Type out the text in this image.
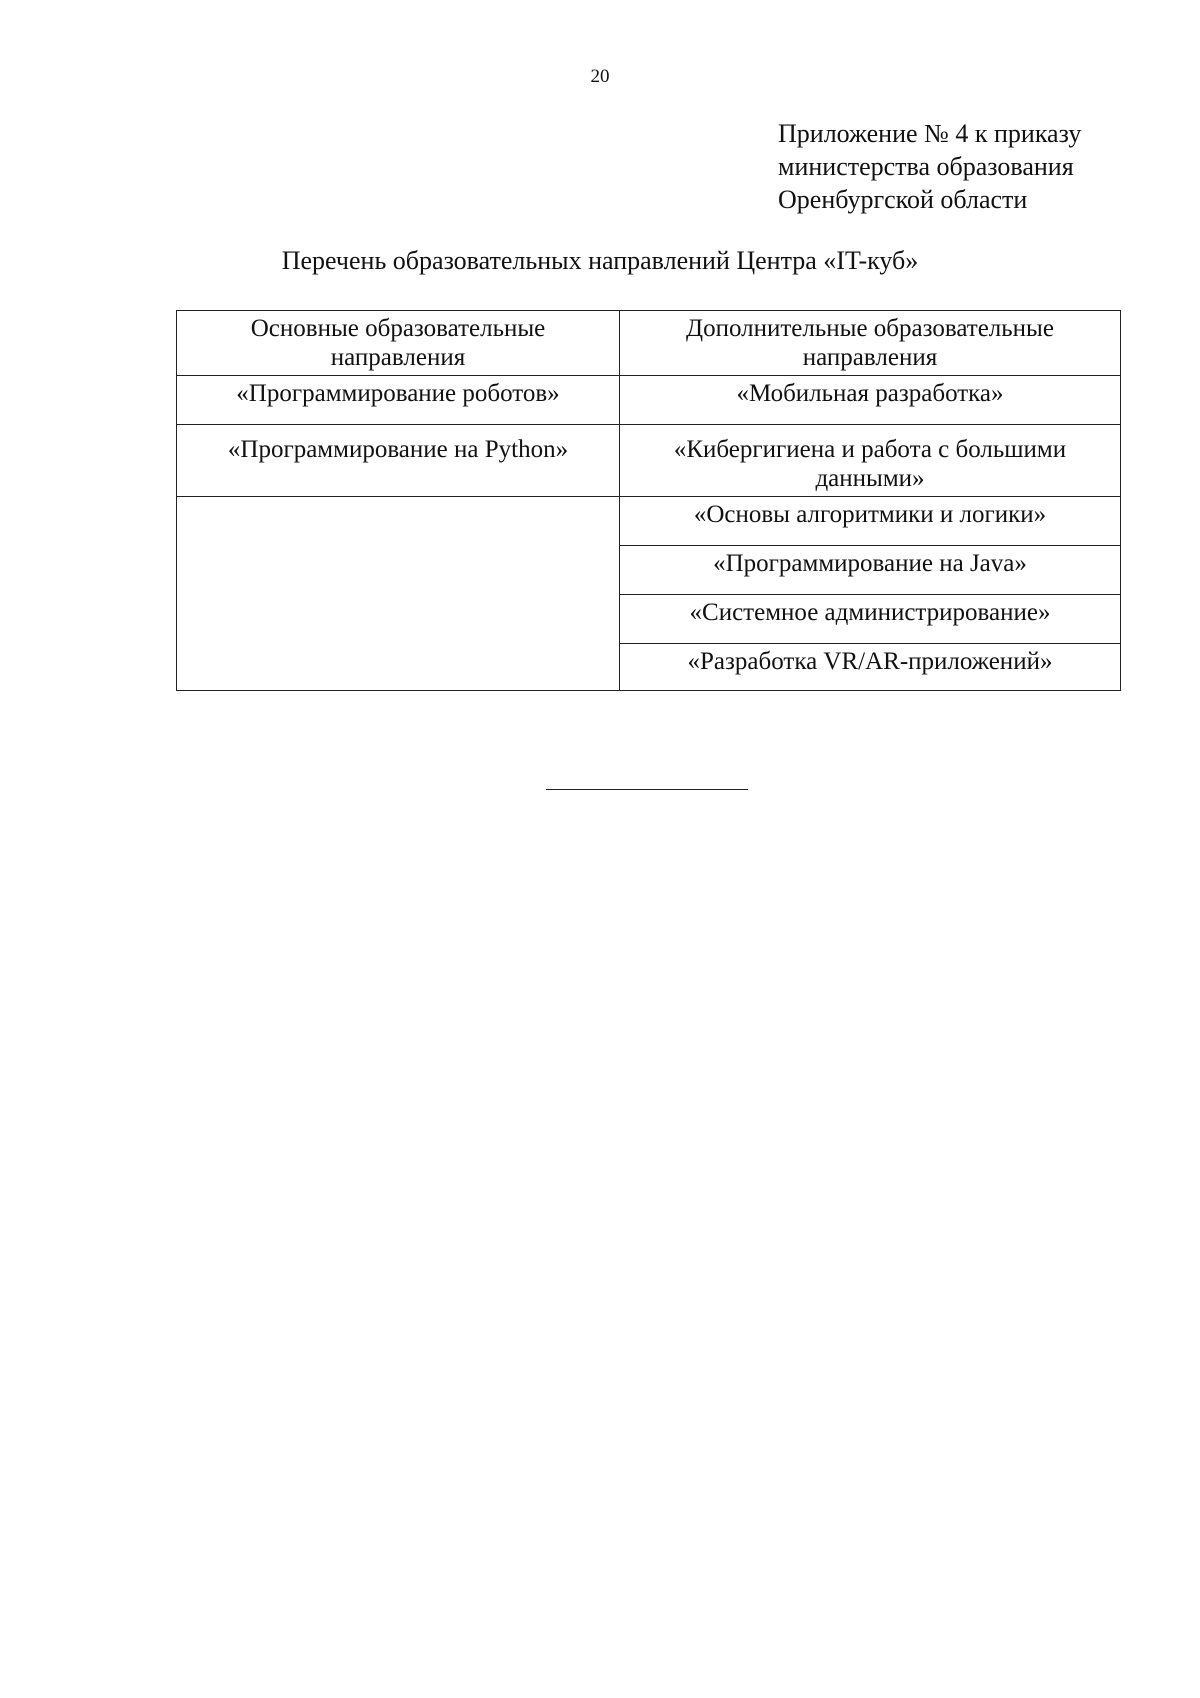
20
Приложение № 4 к приказу
министерства образования
Оренбургской области
Перечень образовательных направлений Центра «IT-куб»
Основные образовательные направления	Дополнительные образовательные направления
«Программирование роботов»	«Мобильная разработка»
«Программирование на Python»	«Кибергигиена и работа с большими данными»
	«Основы алгоритмики и логики»
	«Программирование на Java»
	«Системное администрирование»
	«Разработка VR/AR-приложений»
